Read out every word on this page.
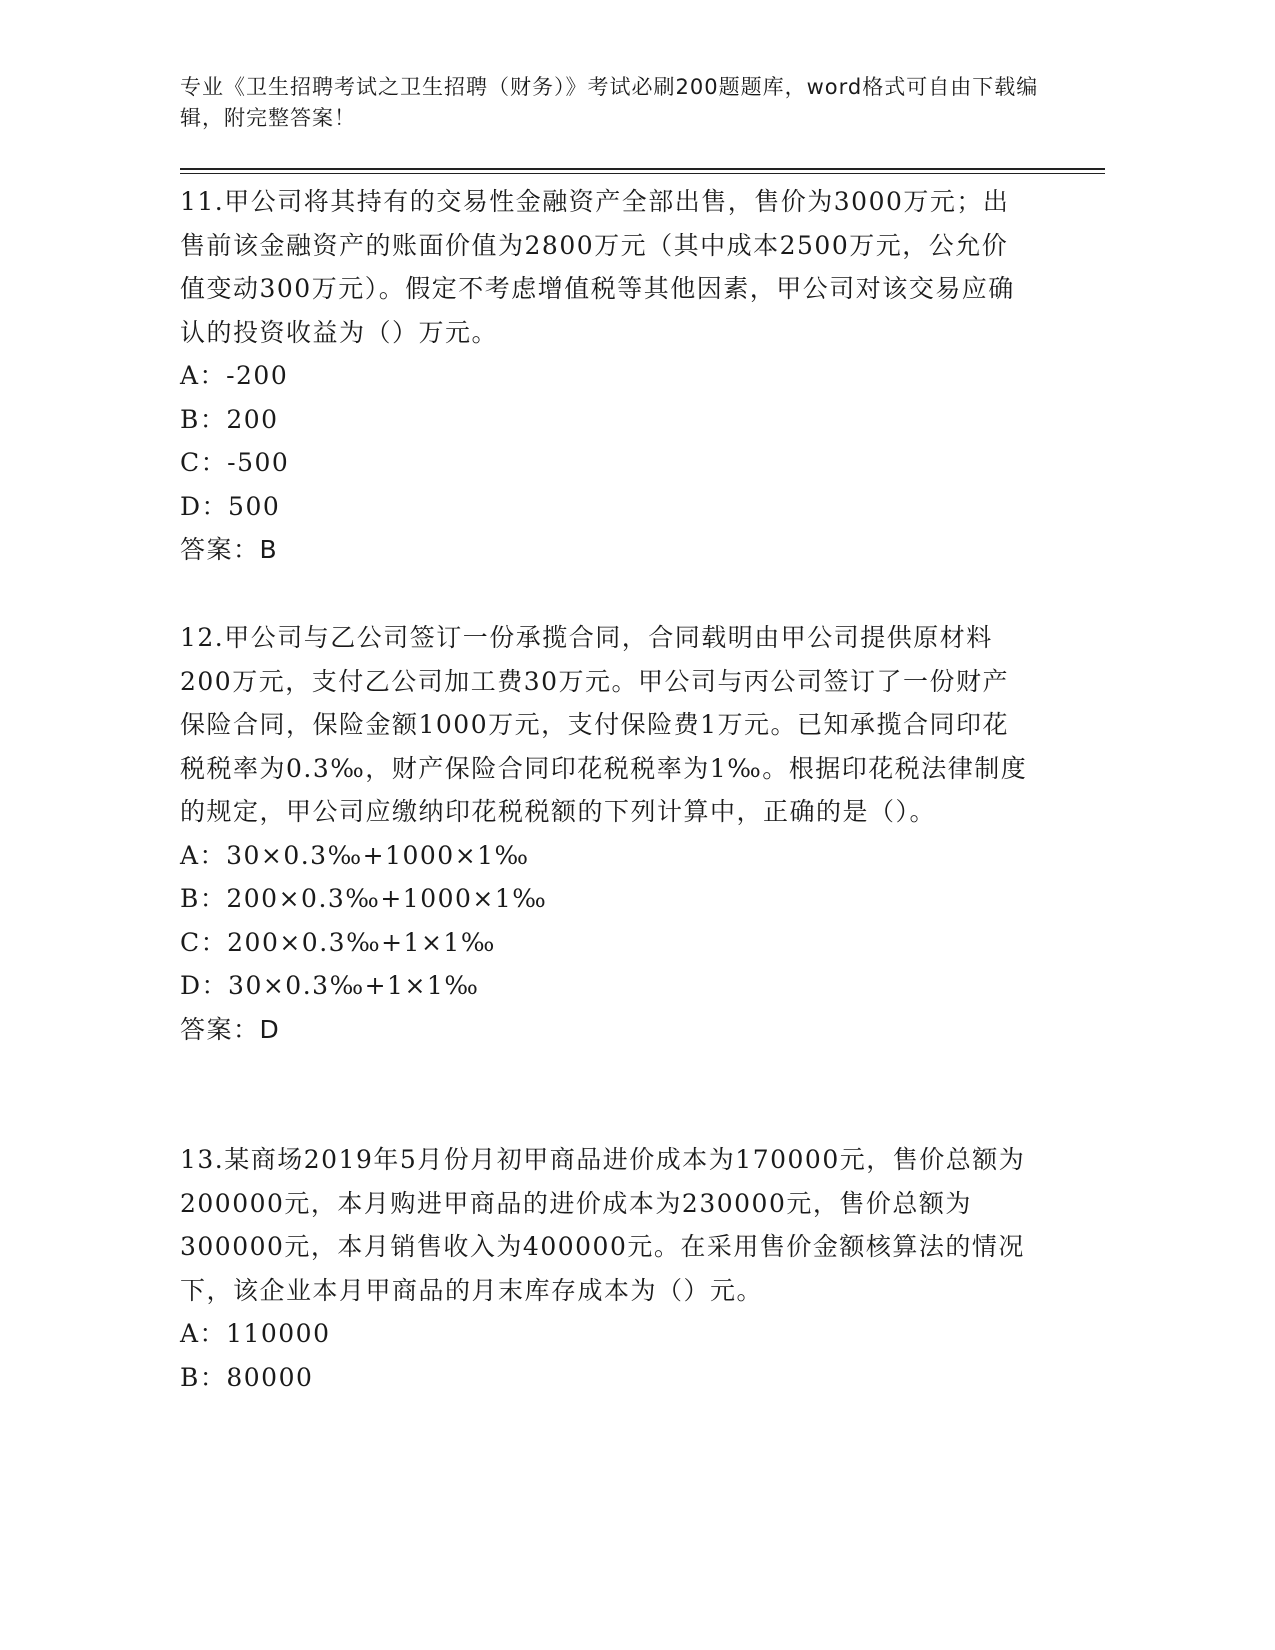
专业《卫生招聘考试之卫生招聘（财务）》考试必刷200题题库，word格式可自由下载编辑，附完整答案！

11.甲公司将其持有的交易性金融资产全部出售，售价为3000万元；出售前该金融资产的账面价值为2800万元（其中成本2500万元，公允价值变动300万元）。假定不考虑增值税等其他因素，甲公司对该交易应确认的投资收益为（）万元。

A：-200

B：200

C：-500

D：500

答案：B

12.甲公司与乙公司签订一份承揽合同，合同载明由甲公司提供原材料200万元，支付乙公司加工费30万元。甲公司与丙公司签订了一份财产保险合同，保险金额1000万元，支付保险费1万元。已知承揽合同印花税税率为0.3‰，财产保险合同印花税税率为1‰。根据印花税法律制度的规定，甲公司应缴纳印花税税额的下列计算中，正确的是（）。

A：30×0.3‰+1000×1‰

B：200×0.3‰+1000×1‰

C：200×0.3‰+1×1‰

D：30×0.3‰+1×1‰

答案：D

13.某商场2019年5月份月初甲商品进价成本为170000元，售价总额为200000元，本月购进甲商品的进价成本为230000元，售价总额为300000元，本月销售收入为400000元。在采用售价金额核算法的情况下，该企业本月甲商品的月末库存成本为（）元。

A：110000

B：80000
